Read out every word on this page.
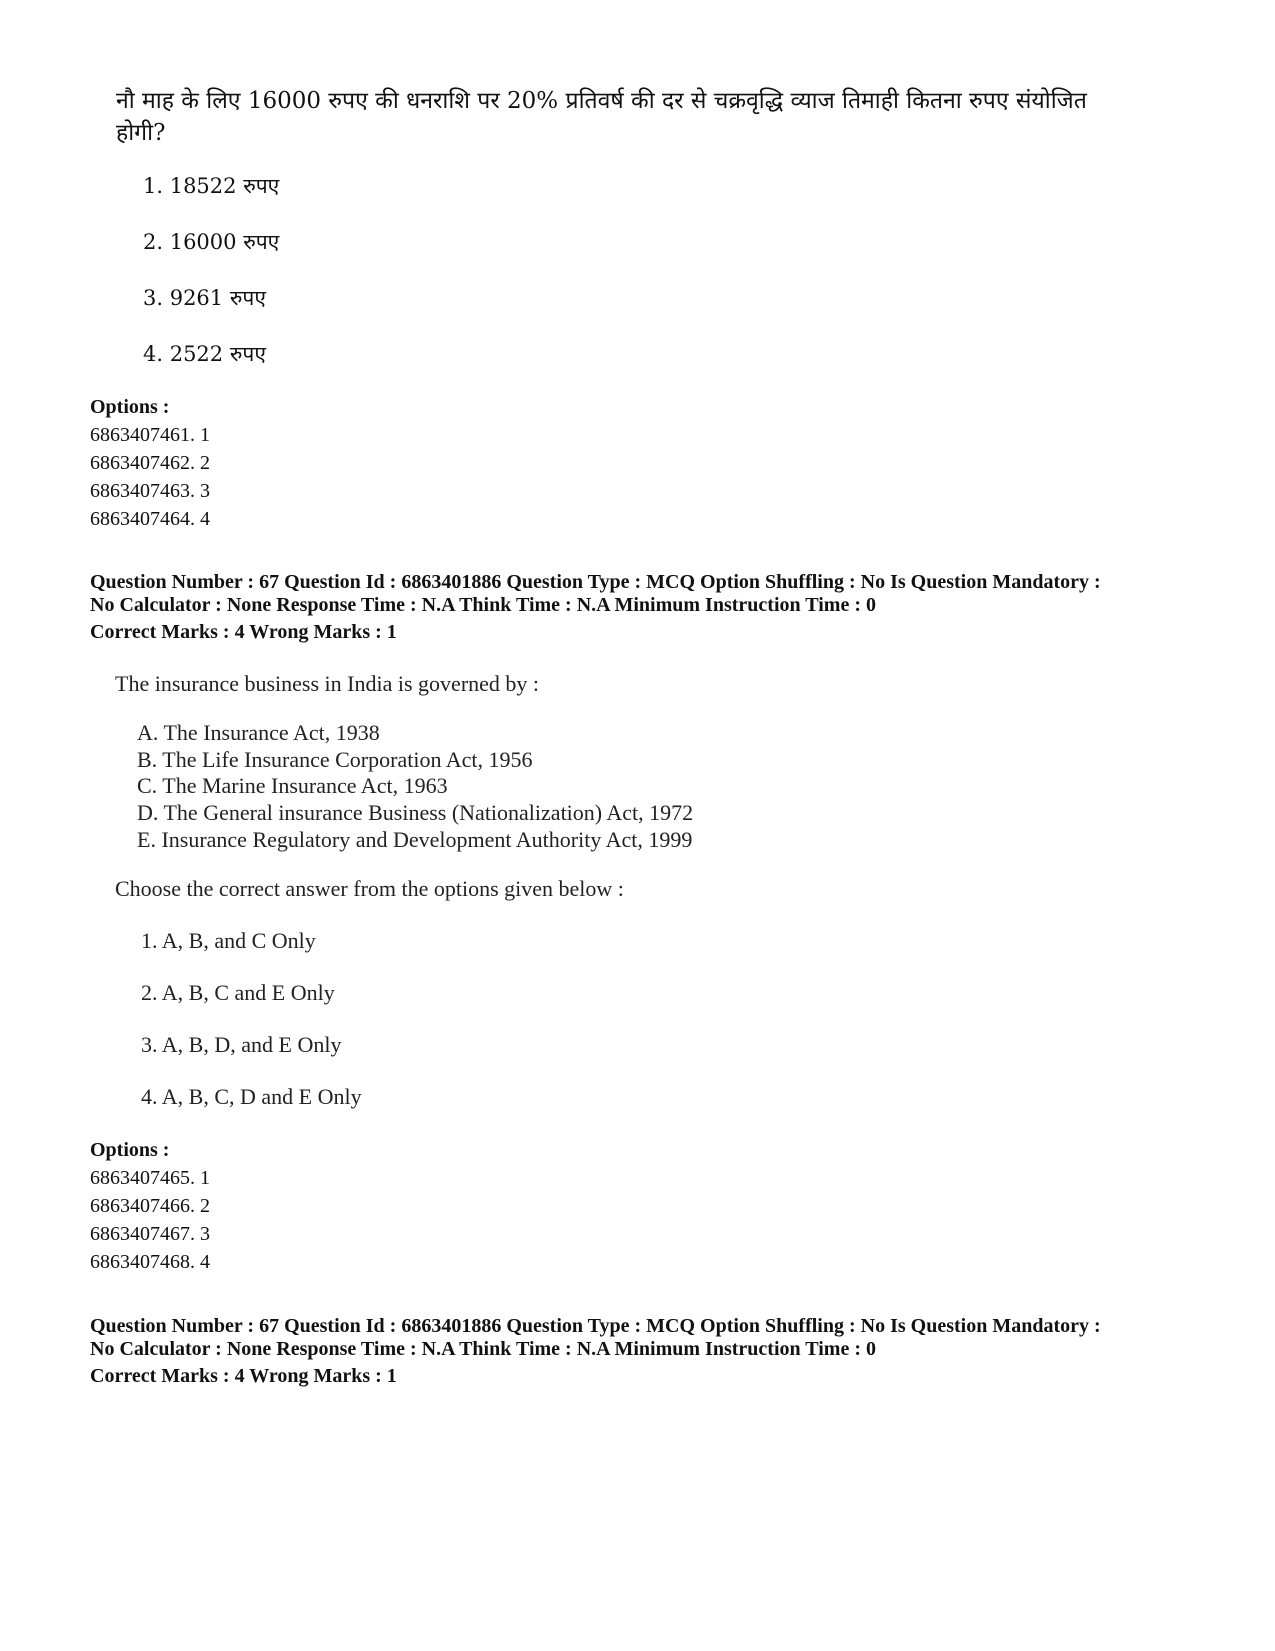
नौ माह के लिए 16000 रुपए की धनराशि पर 20% प्रतिवर्ष की दर से चक्रवृद्धि व्याज तिमाही कितना रुपए संयोजित
होगी?
1. 18522 रुपए
2. 16000 रुपए
3. 9261 रुपए
4. 2522 रुपए
Options :
6863407461. 1
6863407462. 2
6863407463. 3
6863407464. 4
Question Number : 67 Question Id : 6863401886 Question Type : MCQ Option Shuffling : No Is Question Mandatory :
No Calculator : None Response Time : N.A Think Time : N.A Minimum Instruction Time : 0
Correct Marks : 4 Wrong Marks : 1
The insurance business in India is governed by :
A. The Insurance Act, 1938
B. The Life Insurance Corporation Act, 1956
C. The Marine Insurance Act, 1963
D. The General insurance Business (Nationalization) Act, 1972
E. Insurance Regulatory and Development Authority Act, 1999
Choose the correct answer from the options given below :
1. A, B, and C Only
2. A, B, C and E Only
3. A, B, D, and E Only
4. A, B, C, D and E Only
Options :
6863407465. 1
6863407466. 2
6863407467. 3
6863407468. 4
Question Number : 67 Question Id : 6863401886 Question Type : MCQ Option Shuffling : No Is Question Mandatory :
No Calculator : None Response Time : N.A Think Time : N.A Minimum Instruction Time : 0
Correct Marks : 4 Wrong Marks : 1
